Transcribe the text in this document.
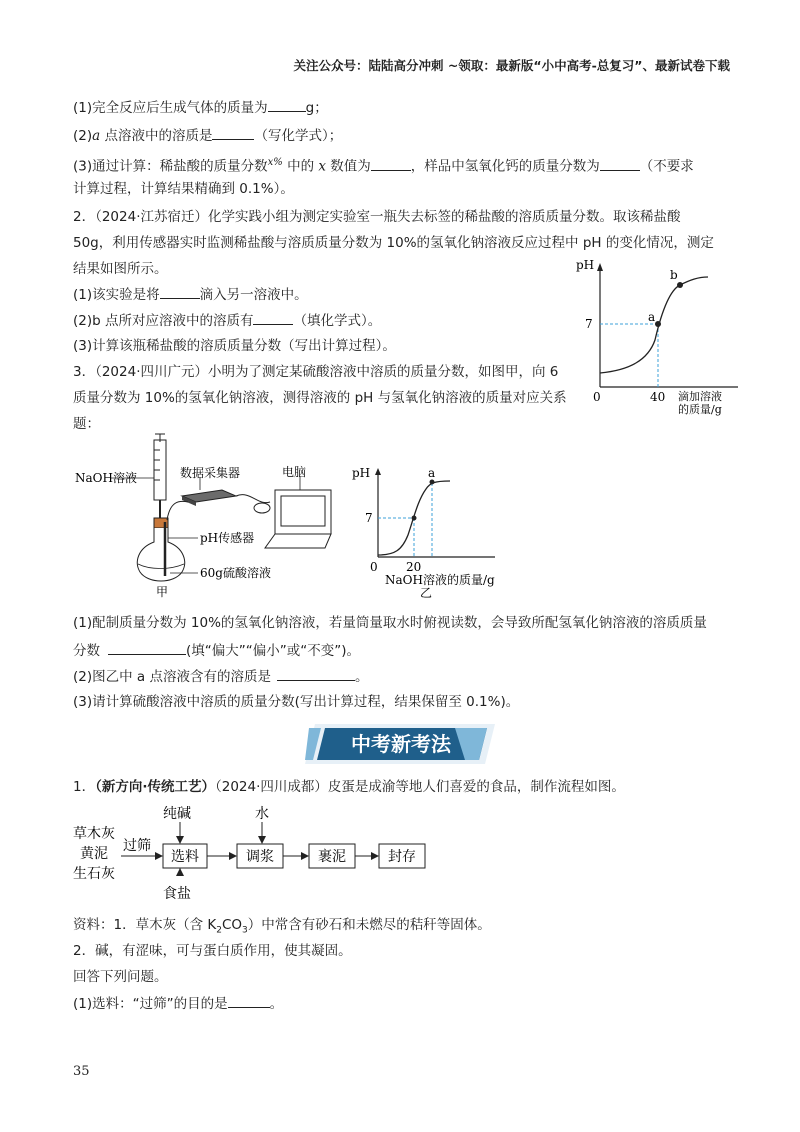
关注公众号：陆陆高分冲刺 ~领取：最新版“小中高考-总复习”、最新试卷下载
(1)完全反应后生成气体的质量为	g；
(2)a 点溶液中的溶质是	（写化学式）；
(3)通过计算：稀盐酸的质量分数$^{x\%}$ 中的 x 数值为	，样品中氢氧化钙的质量分数为	（不要求
计算过程，计算结果精确到 0.1%）。
2．（2024·江苏宿迁）化学实践小组为测定实验室一瓶失去标签的稀盐酸的溶质质量分数。取该稀盐酸
50g，利用传感器实时监测稀盐酸与溶质质量分数为 10%的氢氧化钠溶液反应过程中 pH 的变化情况，测定
结果如图所示。
(1)该实验是将	滴入另一溶液中。
(2)b 点所对应溶液中的溶质有	（填化学式）。
(3)计算该瓶稀盐酸的溶质质量分数（写出计算过程）。
pH
7
0	40 滴加溶液
的质量/g
a
b
3．（2024·四川广元）小明为了测定某硫酸溶液中溶质的质量分数，如图甲，向 6
质量分数为 10%的氢氧化钠溶液，测得溶液的 pH 与氢氧化钠溶液的质量对应关系
题：
NaOH溶液	数据采集器	电脑
pH传感器
60g硫酸溶液
甲
pH
7
0 20
a
NaOH溶液的质量/g
乙
(1)配制质量分数为 10%的氢氧化钠溶液，若量筒量取水时俯视读数，会导致所配氢氧化钠溶液的溶质质量
分数	(填“偏大”“偏小”或“不变”)。
(2)图乙中 a 点溶液含有的溶质是	。
(3)请计算硫酸溶液中溶质的质量分数(写出计算过程，结果保留至 0.1%)。
中考新考法
1．（新方向·传统工艺）（2024·四川成都）皮蛋是成渝等地人们喜爱的食品，制作流程如图。
草木灰
黄泥
生石灰
过筛
纯碱
选料
食盐
水
调浆	裹泥	封存
资料：1．草木灰（含 $K_2CO_3$）中常含有砂石和未燃尽的秸秆等固体。
2．碱，有涩味，可与蛋白质作用，使其凝固。
回答下列问题。
(1)选料：“过筛”的目的是	。
35
